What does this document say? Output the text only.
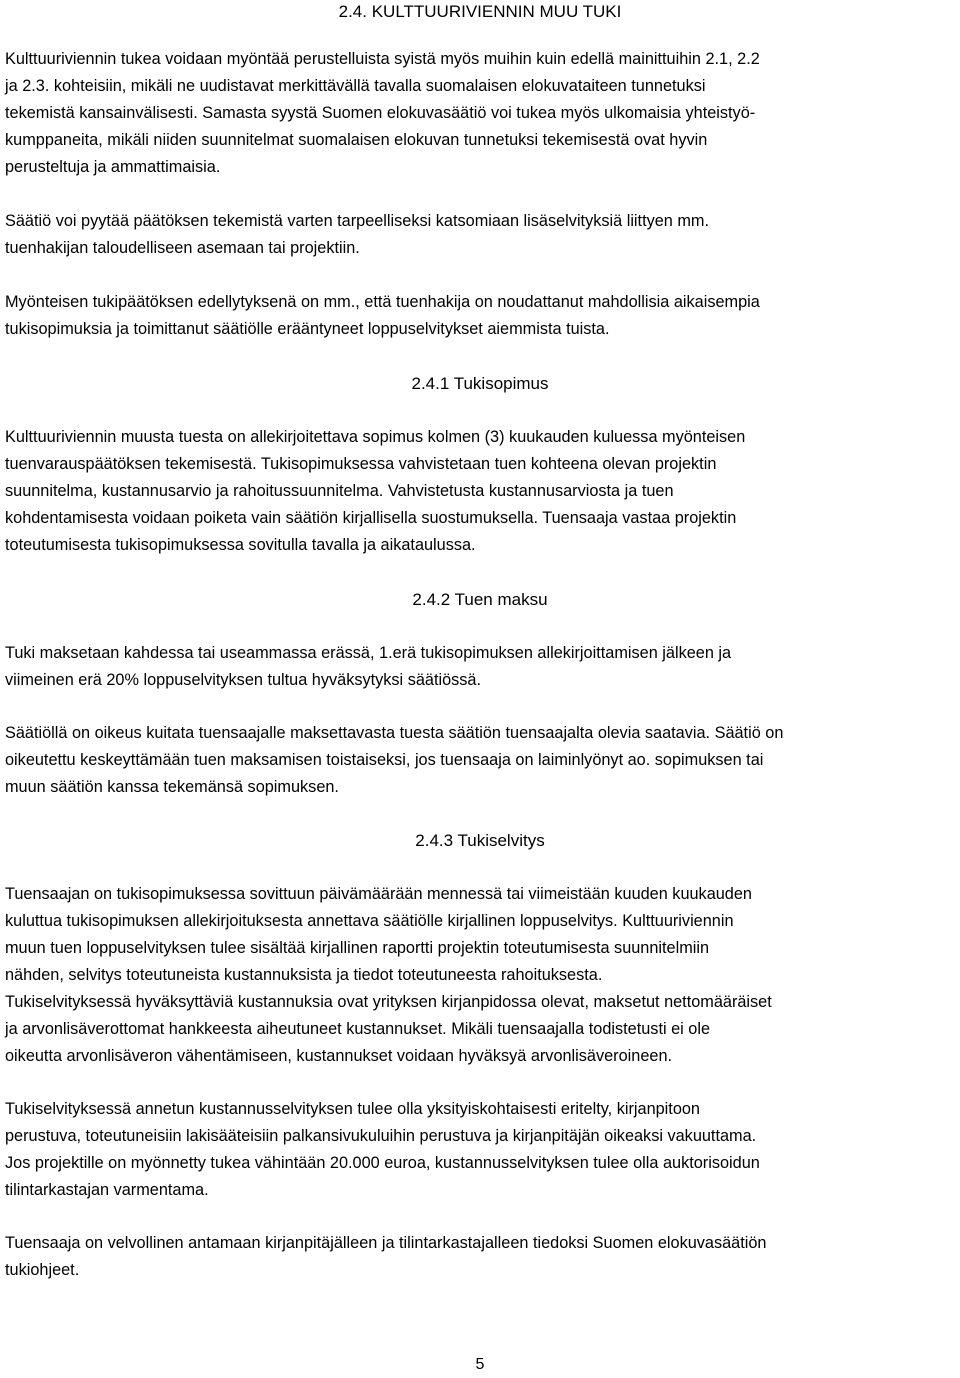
2.4. KULTTUURIVIENNIN MUU TUKI
Kulttuuriviennin tukea voidaan myöntää perustelluista syistä myös muihin kuin edellä mainittuihin 2.1, 2.2
ja 2.3. kohteisiin, mikäli ne uudistavat merkittävällä tavalla suomalaisen elokuvataiteen tunnetuksi
tekemistä kansainvälisesti. Samasta syystä Suomen elokuvasäätiö voi tukea myös ulkomaisia yhteistyö-
kumppaneita, mikäli niiden suunnitelmat suomalaisen elokuvan tunnetuksi tekemisestä ovat hyvin
perusteltuja ja ammattimaisia.
Säätiö voi pyytää päätöksen tekemistä varten tarpeelliseksi katsomiaan lisäselvityksiä liittyen mm.
tuenhakijan taloudelliseen asemaan tai projektiin.
Myönteisen tukipäätöksen edellytyksenä on mm., että tuenhakija on noudattanut mahdollisia aikaisempia
tukisopimuksia ja toimittanut säätiölle erääntyneet loppuselvitykset aiemmista tuista.
2.4.1 Tukisopimus
Kulttuuriviennin muusta tuesta on allekirjoitettava sopimus kolmen (3) kuukauden kuluessa myönteisen
tuenvarauspäätöksen tekemisestä. Tukisopimuksessa vahvistetaan tuen kohteena olevan projektin
suunnitelma, kustannusarvio ja rahoitussuunnitelma. Vahvistetusta kustannusarviosta ja tuen
kohdentamisesta voidaan poiketa vain säätiön kirjallisella suostumuksella. Tuensaaja vastaa projektin
toteutumisesta tukisopimuksessa sovitulla tavalla ja aikataulussa.
2.4.2 Tuen maksu
Tuki maksetaan kahdessa tai useammassa erässä, 1.erä tukisopimuksen allekirjoittamisen jälkeen ja
viimeinen erä 20% loppuselvityksen tultua hyväksytyksi säätiössä.
Säätiöllä on oikeus kuitata tuensaajalle maksettavasta tuesta säätiön tuensaajalta olevia saatavia. Säätiö on
oikeutettu keskeyttämään tuen maksamisen toistaiseksi, jos tuensaaja on laiminlyönyt ao. sopimuksen tai
muun säätiön kanssa tekemänsä sopimuksen.
2.4.3 Tukiselvitys
Tuensaajan on tukisopimuksessa sovittuun päivämäärään mennessä tai viimeistään kuuden kuukauden
kuluttua tukisopimuksen allekirjoituksesta annettava säätiölle kirjallinen loppuselvitys. Kulttuuriviennin
muun tuen loppuselvityksen tulee sisältää kirjallinen raportti projektin toteutumisesta suunnitelmiin
nähden, selvitys toteutuneista kustannuksista ja tiedot toteutuneesta rahoituksesta.
Tukiselvityksessä hyväksyttäviä kustannuksia ovat yrityksen kirjanpidossa olevat, maksetut nettomääräiset
ja arvonlisäverottomat hankkeesta aiheutuneet kustannukset. Mikäli tuensaajalla todistetusti ei ole
oikeutta arvonlisäveron vähentämiseen, kustannukset voidaan hyväksyä arvonlisäveroineen.
Tukiselvityksessä annetun kustannusselvityksen tulee olla yksityiskohtaisesti eritelty, kirjanpitoon
perustuva, toteutuneisiin lakisääteisiin palkansivukuluihin perustuva ja kirjanpitäjän oikeaksi vakuuttama.
Jos projektille on myönnetty tukea vähintään 20.000 euroa, kustannusselvityksen tulee olla auktorisoidun
tilintarkastajan varmentama.
Tuensaaja on velvollinen antamaan kirjanpitäjälleen ja tilintarkastajalleen tiedoksi Suomen elokuvasäätiön
tukiohjeet.
5
